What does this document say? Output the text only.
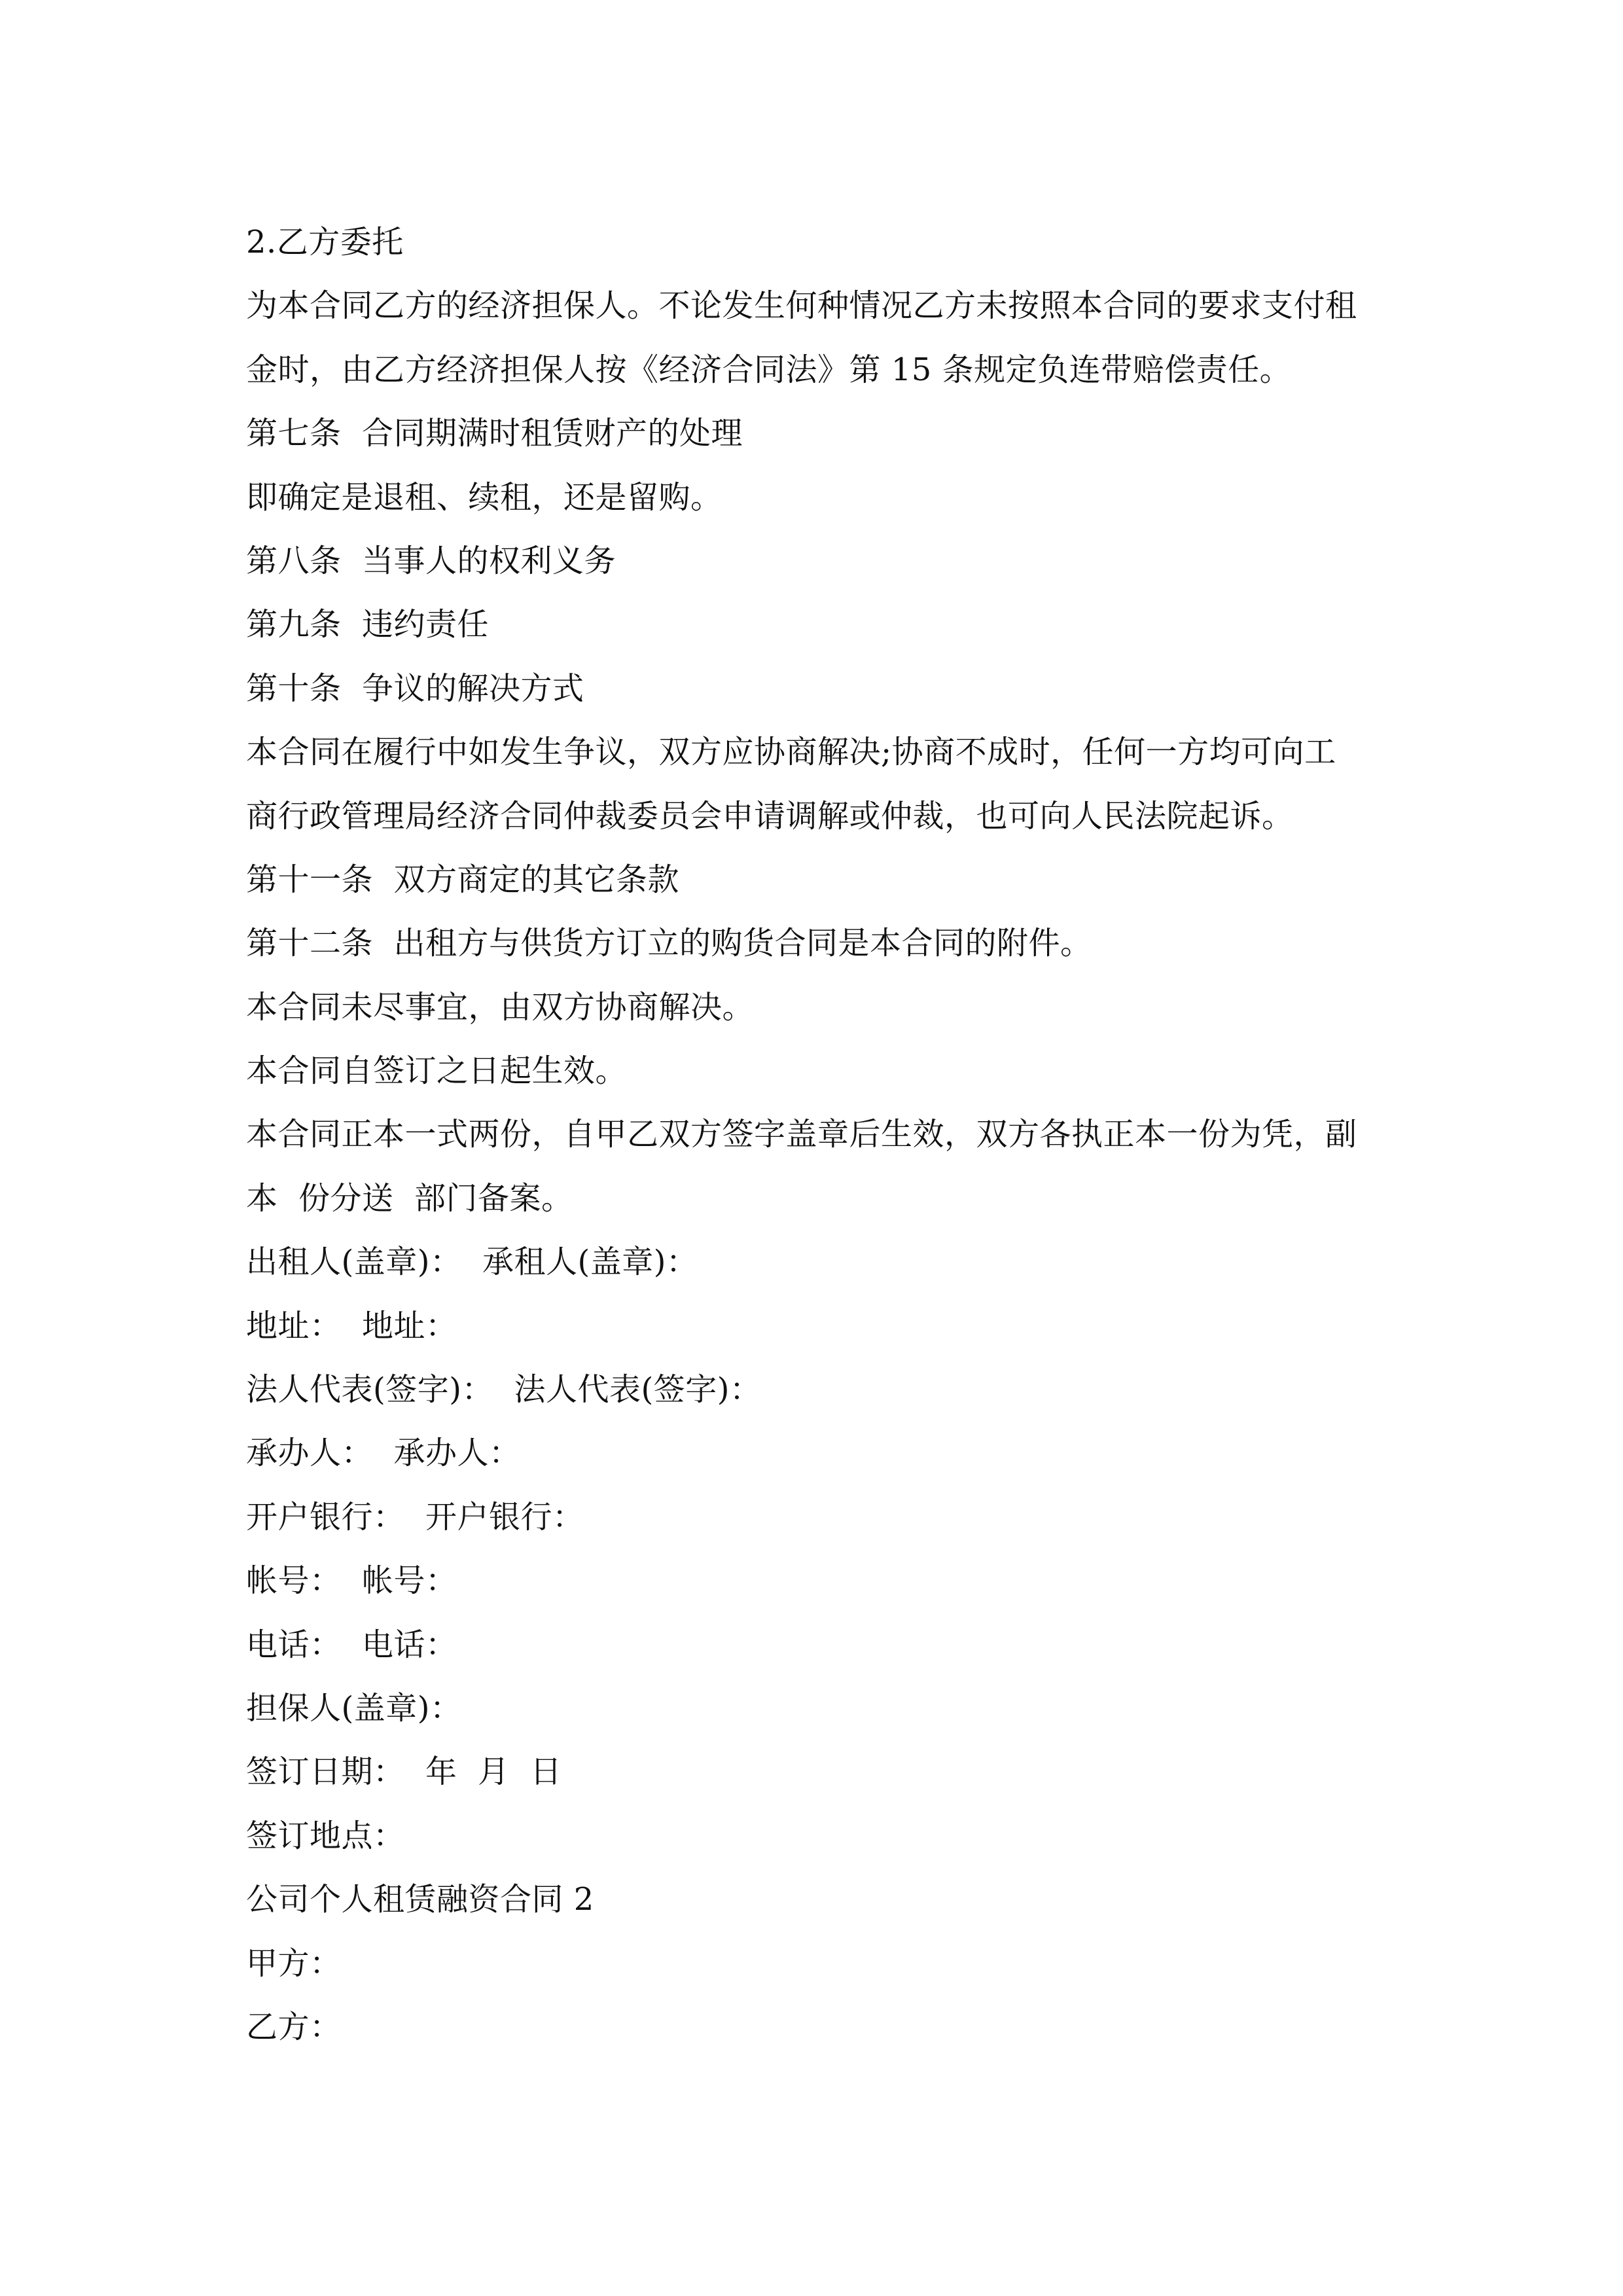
2.乙方委托
为本合同乙方的经济担保人。不论发生何种情况乙方未按照本合同的要求支付租
金时，由乙方经济担保人按《经济合同法》第 15 条规定负连带赔偿责任。
第七条  合同期满时租赁财产的处理
即确定是退租、续租，还是留购。
第八条  当事人的权利义务
第九条  违约责任
第十条  争议的解决方式
本合同在履行中如发生争议，双方应协商解决;协商不成时，任何一方均可向工
商行政管理局经济合同仲裁委员会申请调解或仲裁，也可向人民法院起诉。
第十一条  双方商定的其它条款
第十二条  出租方与供货方订立的购货合同是本合同的附件。
本合同未尽事宜，由双方协商解决。
本合同自签订之日起生效。
本合同正本一式两份，自甲乙双方签字盖章后生效，双方各执正本一份为凭，副
本  份分送  部门备案。
出租人(盖章)：  承租人(盖章)：
地址：  地址：
法人代表(签字)：  法人代表(签字)：
承办人：  承办人：
开户银行：  开户银行：
帐号：  帐号：
电话：  电话：
担保人(盖章)：
签订日期：  年  月  日
签订地点：
公司个人租赁融资合同 2
甲方：
乙方：
